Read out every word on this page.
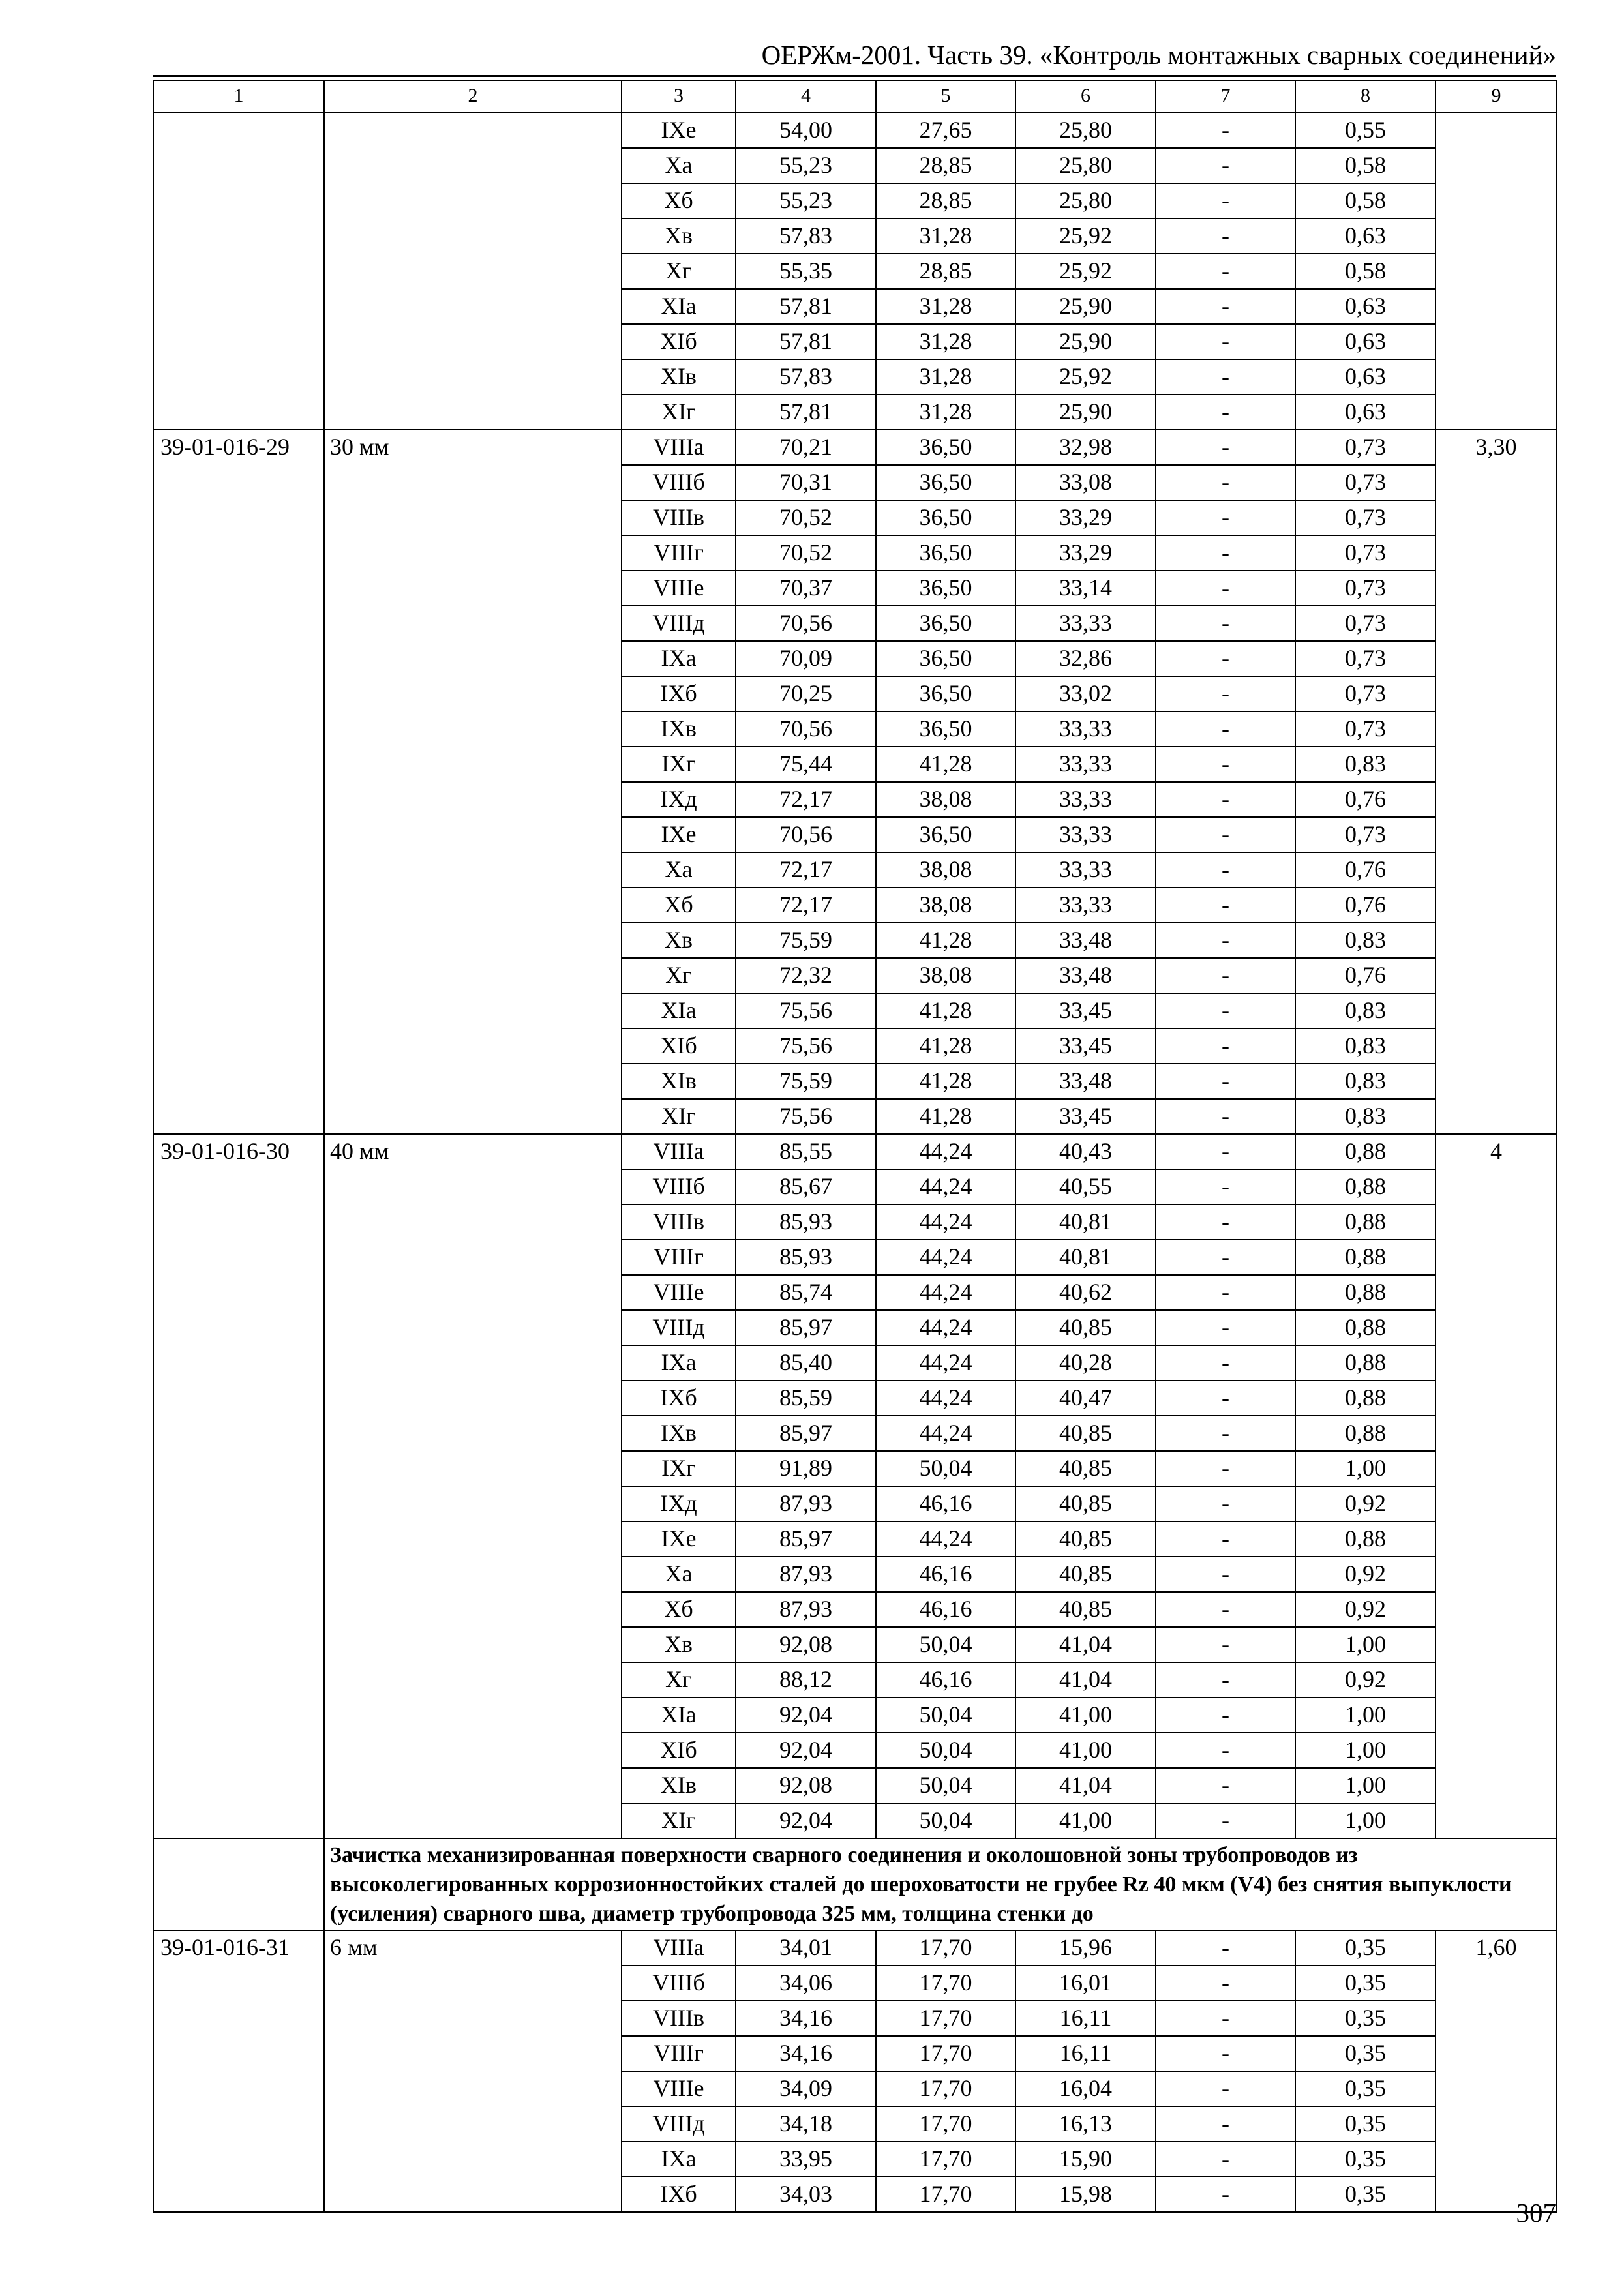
ОЕРЖм-2001. Часть 39. «Контроль монтажных сварных соединений»
1	2	3	4	5	6	7	8	9
		IXе	54,00	27,65	25,80	-	0,55	
		Xа	55,23	28,85	25,80	-	0,58	
		Xб	55,23	28,85	25,80	-	0,58	
		Xв	57,83	31,28	25,92	-	0,63	
		Xг	55,35	28,85	25,92	-	0,58	
		XIа	57,81	31,28	25,90	-	0,63	
		XIб	57,81	31,28	25,90	-	0,63	
		XIв	57,83	31,28	25,92	-	0,63	
		XIг	57,81	31,28	25,90	-	0,63	
39-01-016-29	30 мм	VIIIа	70,21	36,50	32,98	-	0,73	3,30
		VIIIб	70,31	36,50	33,08	-	0,73	
		VIIIв	70,52	36,50	33,29	-	0,73	
		VIIIг	70,52	36,50	33,29	-	0,73	
		VIIIе	70,37	36,50	33,14	-	0,73	
		VIIIд	70,56	36,50	33,33	-	0,73	
		IXа	70,09	36,50	32,86	-	0,73	
		IXб	70,25	36,50	33,02	-	0,73	
		IXв	70,56	36,50	33,33	-	0,73	
		IXг	75,44	41,28	33,33	-	0,83	
		IXд	72,17	38,08	33,33	-	0,76	
		IXе	70,56	36,50	33,33	-	0,73	
		Xа	72,17	38,08	33,33	-	0,76	
		Xб	72,17	38,08	33,33	-	0,76	
		Xв	75,59	41,28	33,48	-	0,83	
		Xг	72,32	38,08	33,48	-	0,76	
		XIа	75,56	41,28	33,45	-	0,83	
		XIб	75,56	41,28	33,45	-	0,83	
		XIв	75,59	41,28	33,48	-	0,83	
		XIг	75,56	41,28	33,45	-	0,83	
39-01-016-30	40 мм	VIIIа	85,55	44,24	40,43	-	0,88	4
		VIIIб	85,67	44,24	40,55	-	0,88	
		VIIIв	85,93	44,24	40,81	-	0,88	
		VIIIг	85,93	44,24	40,81	-	0,88	
		VIIIе	85,74	44,24	40,62	-	0,88	
		VIIIд	85,97	44,24	40,85	-	0,88	
		IXа	85,40	44,24	40,28	-	0,88	
		IXб	85,59	44,24	40,47	-	0,88	
		IXв	85,97	44,24	40,85	-	0,88	
		IXг	91,89	50,04	40,85	-	1,00	
		IXд	87,93	46,16	40,85	-	0,92	
		IXе	85,97	44,24	40,85	-	0,88	
		Xа	87,93	46,16	40,85	-	0,92	
		Xб	87,93	46,16	40,85	-	0,92	
		Xв	92,08	50,04	41,04	-	1,00	
		Xг	88,12	46,16	41,04	-	0,92	
		XIа	92,04	50,04	41,00	-	1,00	
		XIб	92,04	50,04	41,00	-	1,00	
		XIв	92,08	50,04	41,04	-	1,00	
		XIг	92,04	50,04	41,00	-	1,00	
	Зачистка механизированная поверхности сварного соединения и околошовной зоны трубопроводов из высоколегированных коррозионностойких сталей до шероховатости не грубее Rz 40 мкм (V4) без снятия выпуклости (усиления) сварного шва, диаметр трубопровода 325 мм, толщина стенки до							
39-01-016-31	6 мм	VIIIа	34,01	17,70	15,96	-	0,35	1,60
		VIIIб	34,06	17,70	16,01	-	0,35	
		VIIIв	34,16	17,70	16,11	-	0,35	
		VIIIг	34,16	17,70	16,11	-	0,35	
		VIIIе	34,09	17,70	16,04	-	0,35	
		VIIIд	34,18	17,70	16,13	-	0,35	
		IXа	33,95	17,70	15,90	-	0,35	
		IXб	34,03	17,70	15,98	-	0,35	
307
